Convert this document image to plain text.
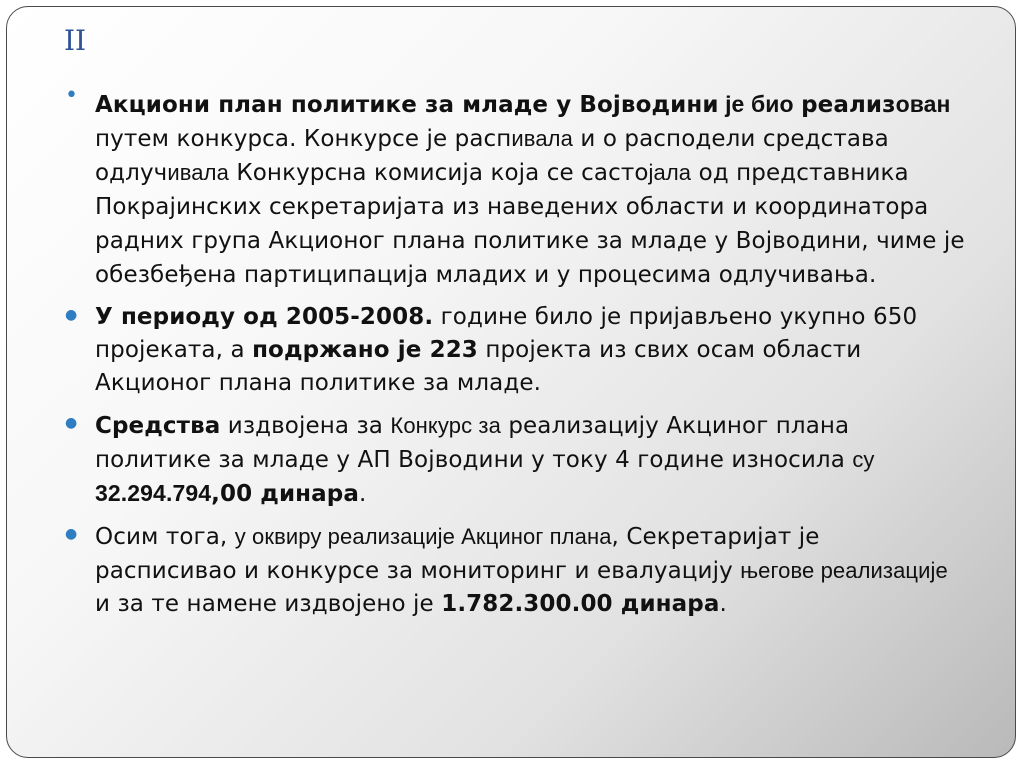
II
• Акциони план политике за младе у Војводини је био реализован путем конкурса. Конкурсе је распивала и о расподели средстава одлучивала Конкурсна комисија која се састојала од представника Покрајинских секретаријата из наведених области и координатора радних група Акционог плана политике за младе у Војводини, чиме је обезбеђена партиципација младих и у процесима одлучивања.

● У периоду од 2005-2008. године било је пријављено укупно 650 пројеката, а подржано је 223 пројекта из свих осам области Акционог плана политике за младе.

● Средства издвојена за Конкурс за реализацију Акциног плана политике за младе у АП Војводини у току 4 године износила су 32.294.794,00 динара.

● Осим тога, у оквиру реализације Акциног плана, Секретаријат је расписивао и конкурсе за мониторинг и евалуацију његове реализације и за те намене издвојено је 1.782.300.00 динара.
